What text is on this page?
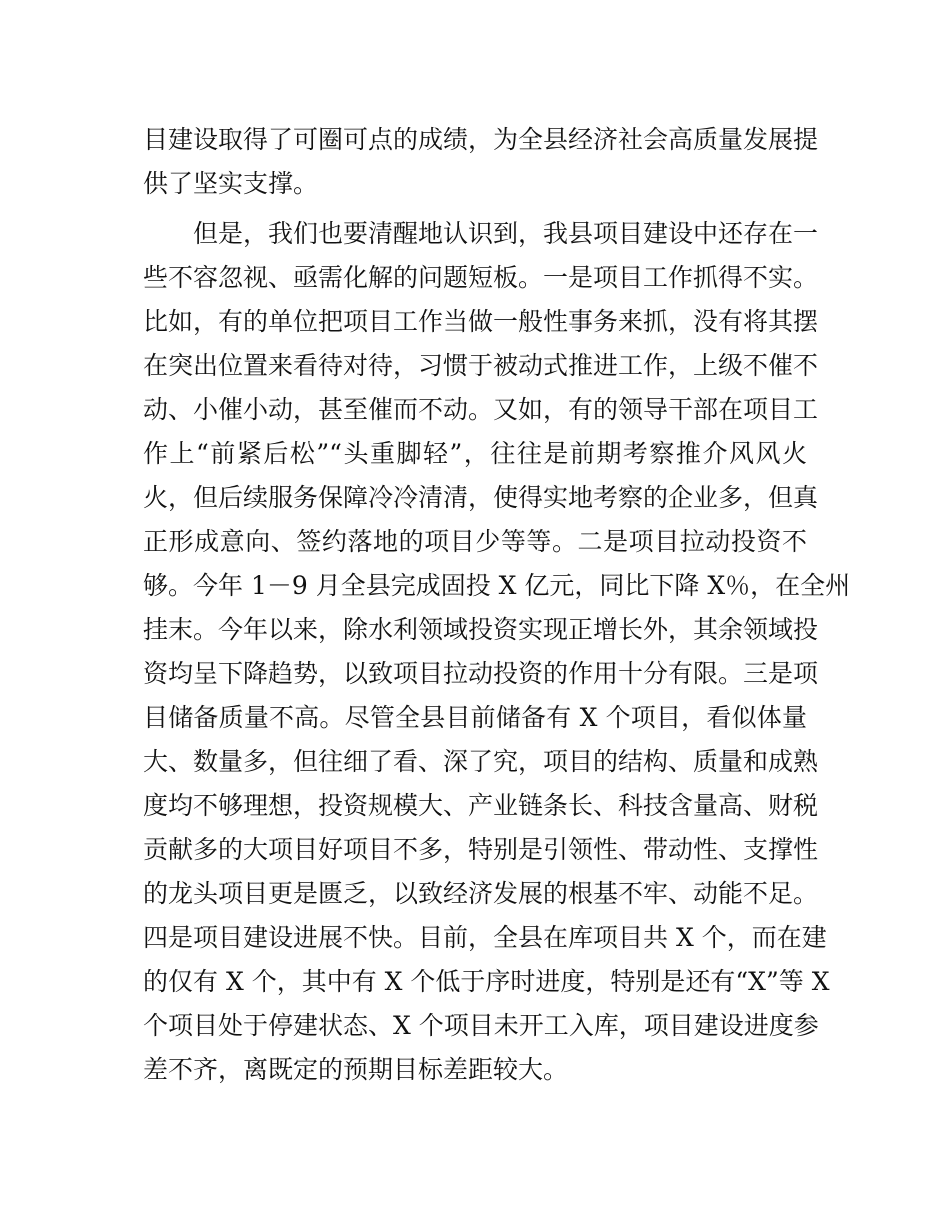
目建设取得了可圈可点的成绩，为全县经济社会高质量发展提
供了坚实支撑。
但是，我们也要清醒地认识到，我县项目建设中还存在一
些不容忽视、亟需化解的问题短板。一是项目工作抓得不实。
比如，有的单位把项目工作当做一般性事务来抓，没有将其摆
在突出位置来看待对待，习惯于被动式推进工作，上级不催不
动、小催小动，甚至催而不动。又如，有的领导干部在项目工
作上“前紧后松”“头重脚轻”，往往是前期考察推介风风火
火，但后续服务保障冷冷清清，使得实地考察的企业多，但真
正形成意向、签约落地的项目少等等。二是项目拉动投资不
够。今年 1－9 月全县完成固投 X 亿元，同比下降 X％，在全州
挂末。今年以来，除水利领域投资实现正增长外，其余领域投
资均呈下降趋势，以致项目拉动投资的作用十分有限。三是项
目储备质量不高。尽管全县目前储备有 X 个项目，看似体量
大、数量多，但往细了看、深了究，项目的结构、质量和成熟
度均不够理想，投资规模大、产业链条长、科技含量高、财税
贡献多的大项目好项目不多，特别是引领性、带动性、支撑性
的龙头项目更是匮乏，以致经济发展的根基不牢、动能不足。
四是项目建设进展不快。目前，全县在库项目共 X 个，而在建
的仅有 X 个，其中有 X 个低于序时进度，特别是还有“X”等 X
个项目处于停建状态、X 个项目未开工入库，项目建设进度参
差不齐，离既定的预期目标差距较大。
